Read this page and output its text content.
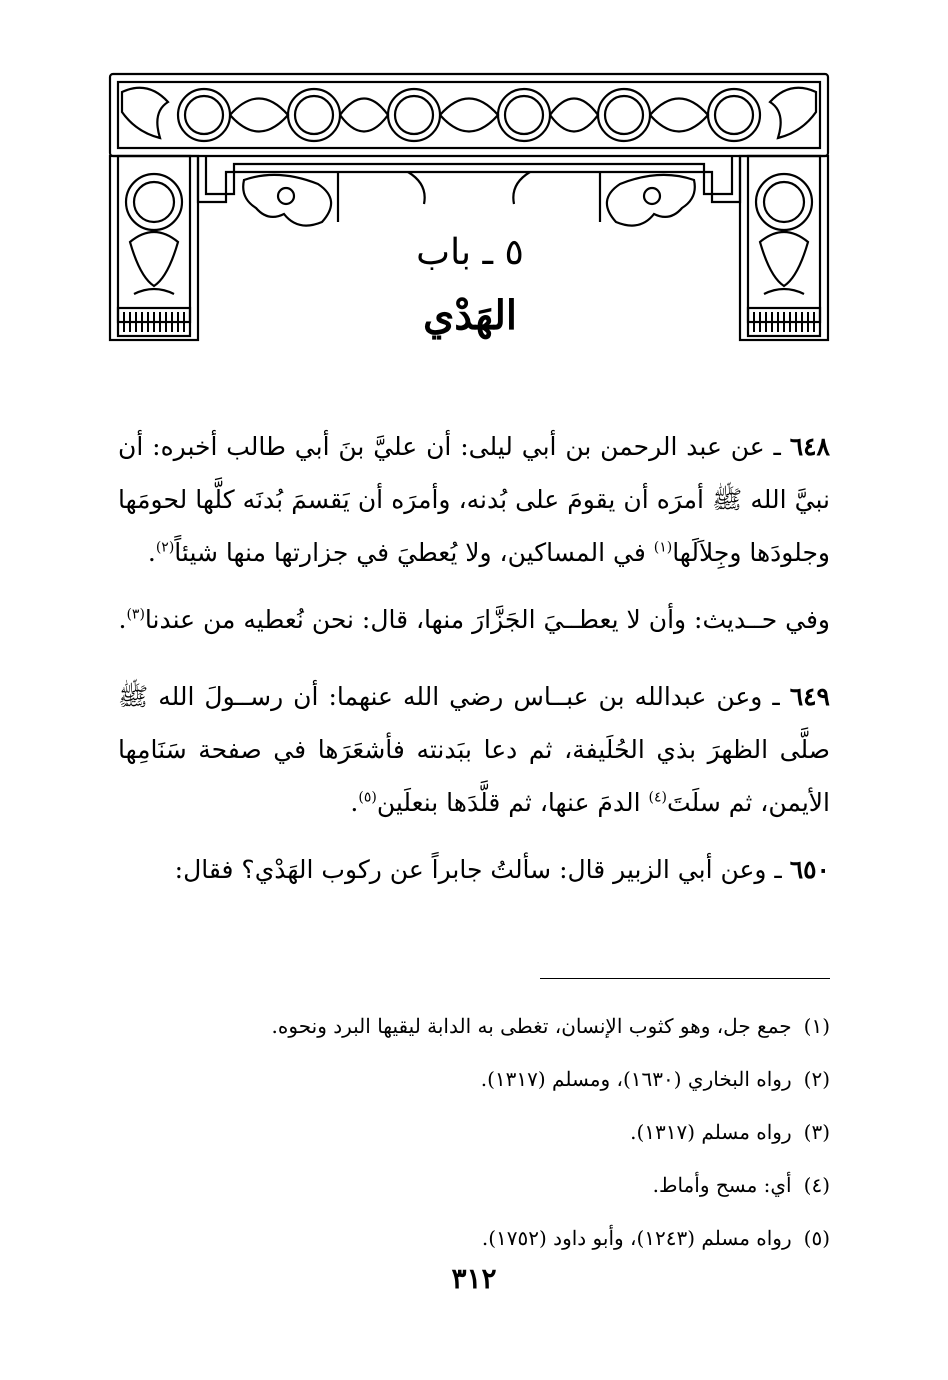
٥ ـ باب
الهَدْي

٦٤٨ ـ عن عبد الرحمن بن أبي ليلى: أن عليَّ بنَ أبي طالب أخبره: أن نبيَّ الله ﷺ أمرَه أن يقومَ على بُدنه، وأمرَه أن يَقسمَ بُدنَه كلَّها لحومَها وجلودَها وجِلاَلَها$^{(١)}$ في المساكين، ولا يُعطيَ في جزارتها منها شيئاً$^{(٢)}$.

وفي حــديث: وأن لا يعطــيَ الجَزَّارَ منها، قال: نحن نُعطيه من عندنا$^{(٣)}$.

٦٤٩ ـ وعن عبدالله بن عبــاس رضي الله عنهما: أن رســولَ الله ﷺ صلَّى الظهرَ بذي الحُلَيفة، ثم دعا ببَدنته فأشعَرَها في صفحة سَنَامِها الأيمن، ثم سلَتَ$^{(٤)}$ الدمَ عنها، ثم قلَّدَها بنعلَين$^{(٥)}$.

٦٥٠ ـ وعن أبي الزبير قال: سألتُ جابراً عن ركوب الهَدْي؟ فقال:

(١)جمع جل، وهو كثوب الإنسان، تغطى به الدابة ليقيها البرد ونحوه.

(٢)رواه البخاري (١٦٣٠)، ومسلم (١٣١٧).

(٣)رواه مسلم (١٣١٧).

(٤)أي: مسح وأماط.

(٥)رواه مسلم (١٢٤٣)، وأبو داود (١٧٥٢).

٣١٢
